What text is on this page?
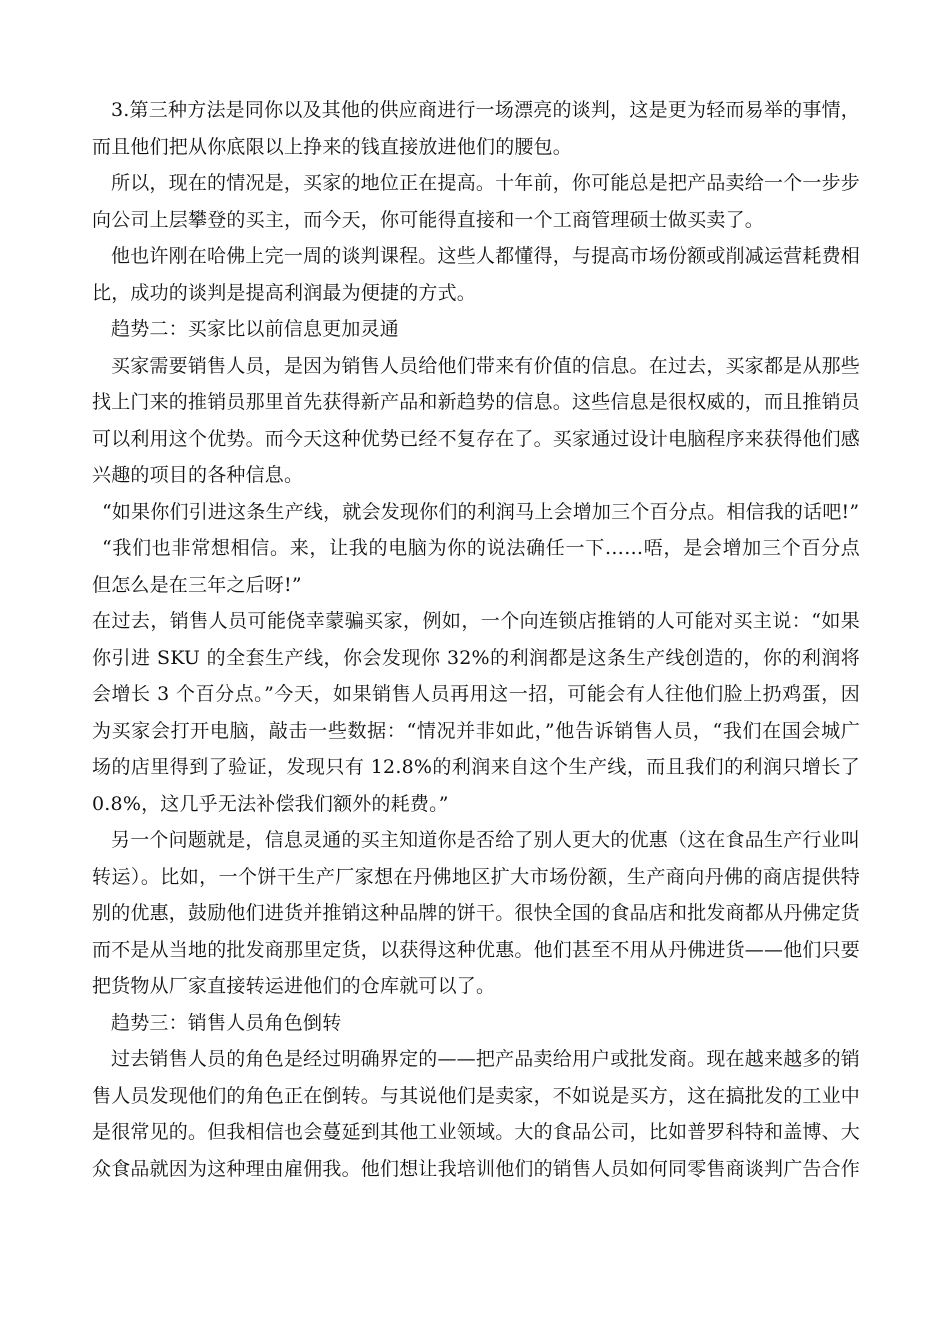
3.第三种方法是同你以及其他的供应商进行一场漂亮的谈判，这是更为轻而易举的事情，而且他们把从你底限以上挣来的钱直接放进他们的腰包。

所以，现在的情况是，买家的地位正在提高。十年前，你可能总是把产品卖给一个一步步向公司上层攀登的买主，而今天，你可能得直接和一个工商管理硕士做买卖了。

他也许刚在哈佛上完一周的谈判课程。这些人都懂得，与提高市场份额或削减运营耗费相比，成功的谈判是提高利润最为便捷的方式。

趋势二：买家比以前信息更加灵通

买家需要销售人员，是因为销售人员给他们带来有价值的信息。在过去，买家都是从那些找上门来的推销员那里首先获得新产品和新趋势的信息。这些信息是很权威的，而且推销员可以利用这个优势。而今天这种优势已经不复存在了。买家通过设计电脑程序来获得他们感兴趣的项目的各种信息。

“如果你们引进这条生产线，就会发现你们的利润马上会增加三个百分点。相信我的话吧!”

“我们也非常想相信。来，让我的电脑为你的说法确任一下……唔，是会增加三个百分点但怎么是在三年之后呀!”

在过去，销售人员可能侥幸蒙骗买家，例如，一个向连锁店推销的人可能对买主说：“如果你引进 SKU 的全套生产线，你会发现你 32%的利润都是这条生产线创造的，你的利润将会增长 3 个百分点。”今天，如果销售人员再用这一招，可能会有人往他们脸上扔鸡蛋，因为买家会打开电脑，敲击一些数据：“情况并非如此，”他告诉销售人员，“我们在国会城广场的店里得到了验证，发现只有 12.8%的利润来自这个生产线，而且我们的利润只增长了 0.8%，这几乎无法补偿我们额外的耗费。”

另一个问题就是，信息灵通的买主知道你是否给了别人更大的优惠（这在食品生产行业叫转运）。比如，一个饼干生产厂家想在丹佛地区扩大市场份额，生产商向丹佛的商店提供特别的优惠，鼓励他们进货并推销这种品牌的饼干。很快全国的食品店和批发商都从丹佛定货而不是从当地的批发商那里定货，以获得这种优惠。他们甚至不用从丹佛进货——他们只要把货物从厂家直接转运进他们的仓库就可以了。

趋势三：销售人员角色倒转

过去销售人员的角色是经过明确界定的——把产品卖给用户或批发商。现在越来越多的销售人员发现他们的角色正在倒转。与其说他们是卖家，不如说是买方，这在搞批发的工业中是很常见的。但我相信也会蔓延到其他工业领域。大的食品公司，比如普罗科特和盖博、大众食品就因为这种理由雇佣我。他们想让我培训他们的销售人员如何同零售商谈判广告合作
